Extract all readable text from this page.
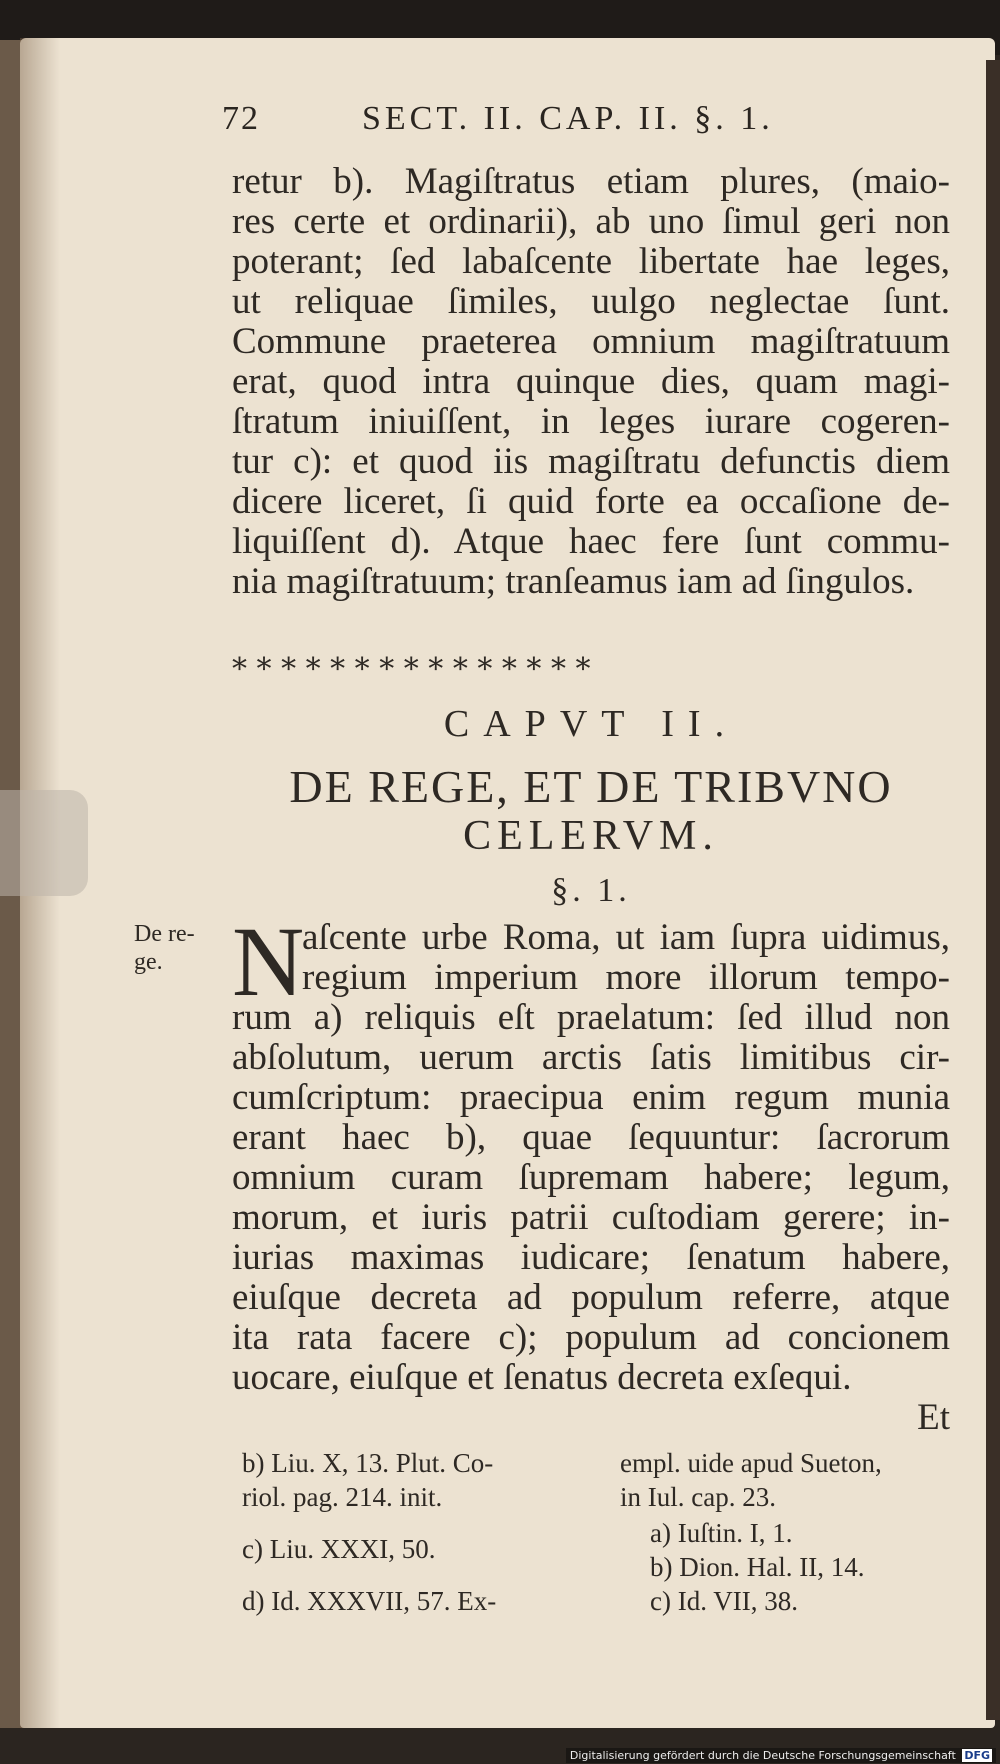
72	SECT. II. CAP. II. §. 1.
retur b). Magiſtratus etiam plures, (maio-
res certe et ordinarii), ab uno ſimul geri non
poterant; ſed labaſcente libertate hae leges,
ut reliquae ſimiles, uulgo neglectae ſunt.
Commune praeterea omnium magiſtratuum
erat, quod intra quinque dies, quam magi-
ſtratum iniuiſſent, in leges iurare cogeren-
tur c): et quod iis magiſtratu defunctis diem
dicere liceret, ſi quid forte ea occaſione de-
liquiſſent d). Atque haec fere ſunt commu-
nia magiſtratuum; tranſeamus iam ad ſingulos.
* * * * * * * * * * * * * * *
CAPVT II.
DE REGE, ET DE TRIBVNO
CELERVM.
§. 1.
De re- ge. N
aſcente urbe Roma, ut iam ſupra uidimus,
regium imperium more illorum tempo-
rum a) reliquis eſt praelatum: ſed illud non
abſolutum, uerum arctis ſatis limitibus cir-
cumſcriptum: praecipua enim regum munia
erant haec b), quae ſequuntur: ſacrorum
omnium curam ſupremam habere; legum,
morum, et iuris patrii cuſtodiam gerere; in-
iurias maximas iudicare; ſenatum habere,
eiuſque decreta ad populum referre, atque
ita rata facere c); populum ad concionem
uocare, eiuſque et ſenatus decreta exſequi.
Et
b) Liu. X, 13. Plut. Co-
riol. pag. 214. init.
c) Liu. XXXI, 50.
d) Id. XXXVII, 57. Ex-
empl. uide apud Sueton,
in Iul. cap. 23.
a) Iuſtin. I, 1.
b) Dion. Hal. II, 14.
c) Id. VII, 38.
Digitalisierung gefördert durch die Deutsche Forschungsgemeinschaft DFG
